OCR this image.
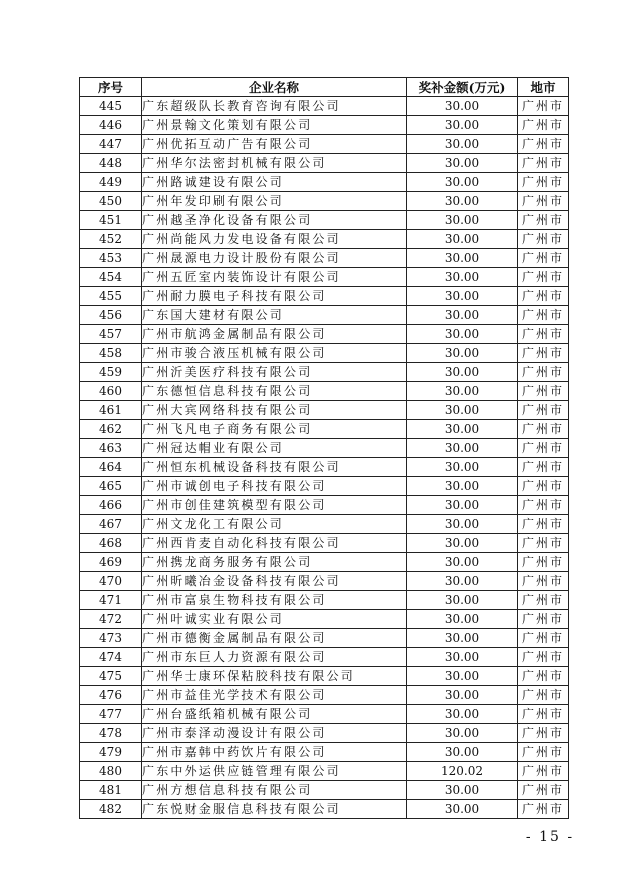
序号	企业名称	奖补金额(万元)	地市
445	广东超级队长教育咨询有限公司	30.00	广州市
446	广州景翰文化策划有限公司	30.00	广州市
447	广州优拓互动广告有限公司	30.00	广州市
448	广州华尔法密封机械有限公司	30.00	广州市
449	广州路诚建设有限公司	30.00	广州市
450	广州年发印刷有限公司	30.00	广州市
451	广州越圣净化设备有限公司	30.00	广州市
452	广州尚能风力发电设备有限公司	30.00	广州市
453	广州晟源电力设计股份有限公司	30.00	广州市
454	广州五匠室内装饰设计有限公司	30.00	广州市
455	广州耐力膜电子科技有限公司	30.00	广州市
456	广东国大建材有限公司	30.00	广州市
457	广州市航鸿金属制品有限公司	30.00	广州市
458	广州市骏合液压机械有限公司	30.00	广州市
459	广州沂美医疗科技有限公司	30.00	广州市
460	广东德恒信息科技有限公司	30.00	广州市
461	广州大宾网络科技有限公司	30.00	广州市
462	广州飞凡电子商务有限公司	30.00	广州市
463	广州冠达帽业有限公司	30.00	广州市
464	广州恒东机械设备科技有限公司	30.00	广州市
465	广州市诚创电子科技有限公司	30.00	广州市
466	广州市创佳建筑模型有限公司	30.00	广州市
467	广州文龙化工有限公司	30.00	广州市
468	广州西肯麦自动化科技有限公司	30.00	广州市
469	广州携龙商务服务有限公司	30.00	广州市
470	广州昕曦冶金设备科技有限公司	30.00	广州市
471	广州市富泉生物科技有限公司	30.00	广州市
472	广州叶诚实业有限公司	30.00	广州市
473	广州市德衡金属制品有限公司	30.00	广州市
474	广州市东巨人力资源有限公司	30.00	广州市
475	广州华士康环保粘胶科技有限公司	30.00	广州市
476	广州市益佳光学技术有限公司	30.00	广州市
477	广州台盛纸箱机械有限公司	30.00	广州市
478	广州市泰泽动漫设计有限公司	30.00	广州市
479	广州市嘉韩中药饮片有限公司	30.00	广州市
480	广东中外运供应链管理有限公司	120.02	广州市
481	广州方想信息科技有限公司	30.00	广州市
482	广东悦财金服信息科技有限公司	30.00	广州市
- 15 -
